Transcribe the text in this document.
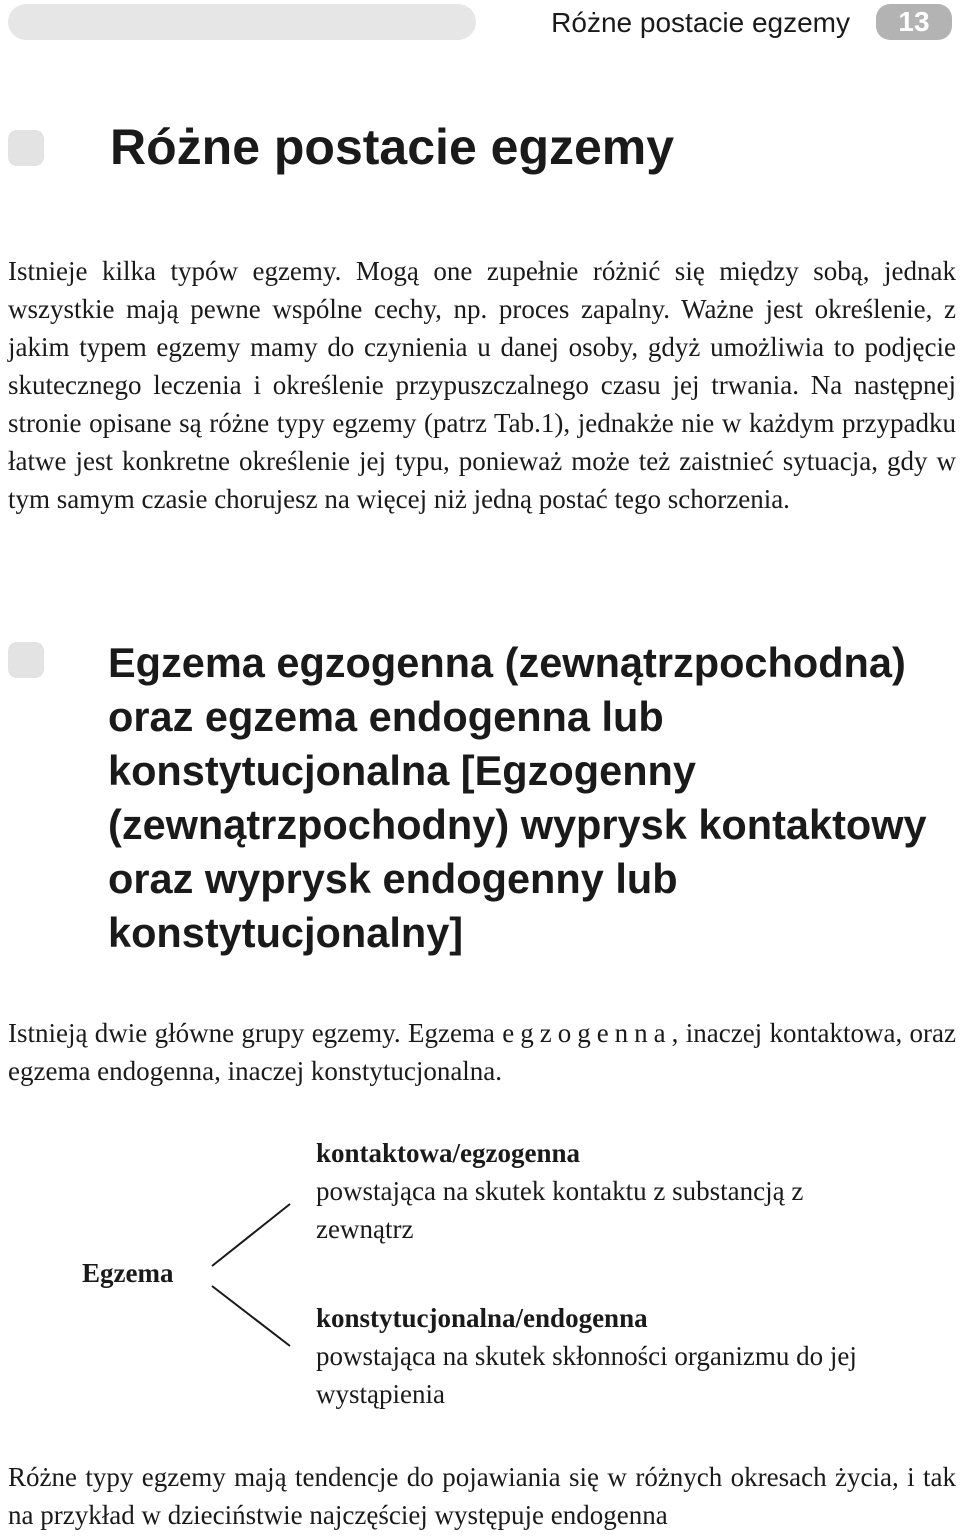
Różne postacie egzemy	13
Różne postacie egzemy

Istnieje kilka typów egzemy. Mogą one zupełnie różnić się między sobą, jednak wszystkie mają pewne wspólne cechy, np. proces zapalny. Ważne jest określenie, z jakim typem egzemy mamy do czynienia u danej osoby, gdyż umożliwia to podjęcie skutecznego leczenia i określenie przypuszczalnego czasu jej trwania. Na następnej stronie opisane są różne typy egzemy (patrz Tab.1), jednakże nie w każdym przypadku łatwe jest konkretne określenie jej typu, ponieważ może też zaistnieć sytuacja, gdy w tym samym czasie chorujesz na więcej niż jedną postać tego schorzenia.

Egzema egzogenna (zewnątrzpochodna) oraz egzema endogenna lub konstytucjonalna [Egzogenny (zewnątrzpochodny) wyprysk kontaktowy oraz wyprysk endogenny lub konstytucjonalny]

Istnieją dwie główne grupy egzemy. Egzema egzogenna, inaczej kontaktowa, oraz egzema endogenna, inaczej konstytucjonalna.

Egzema
kontaktowa/egzogenna
powstająca na skutek kontaktu z substancją z zewnątrz
konstytucjonalna/endogenna
powstająca na skutek skłonności organizmu do jej wystąpienia

Różne typy egzemy mają tendencje do pojawiania się w różnych okresach życia, i tak na przykład w dzieciństwie najczęściej występuje endogenna
